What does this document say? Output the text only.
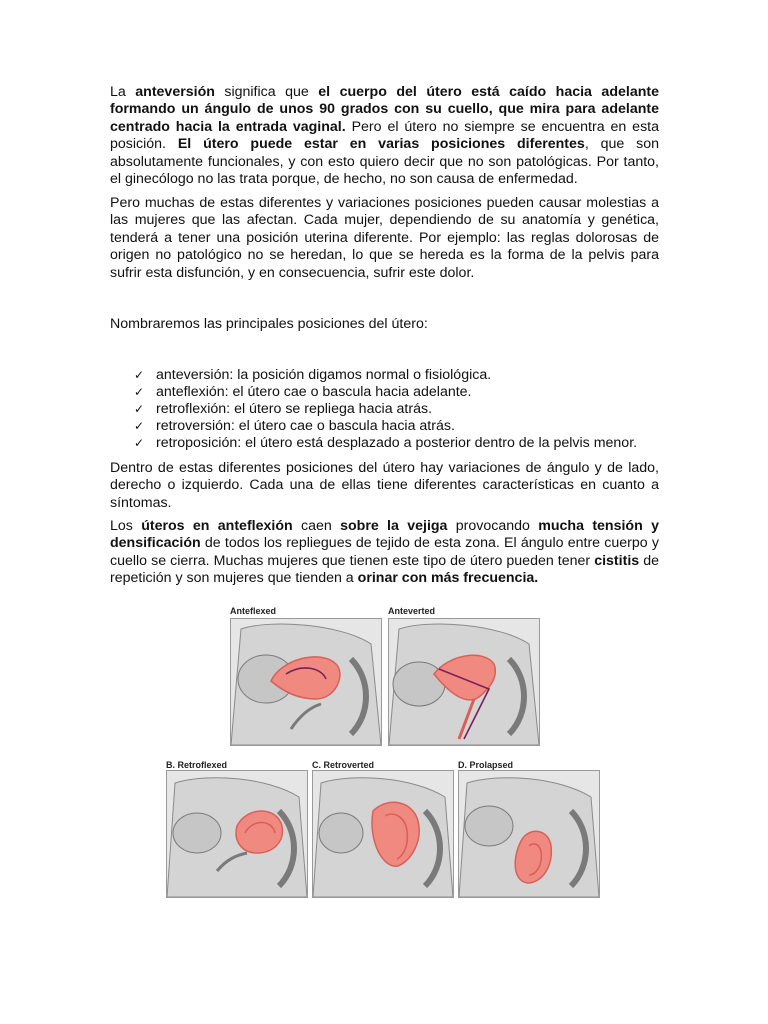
La anteversión significa que el cuerpo del útero está caído hacia adelante formando un ángulo de unos 90 grados con su cuello, que mira para adelante centrado hacia la entrada vaginal. Pero el útero no siempre se encuentra en esta posición. El útero puede estar en varias posiciones diferentes, que son absolutamente funcionales, y con esto quiero decir que no son patológicas. Por tanto, el ginecólogo no las trata porque, de hecho, no son causa de enfermedad.
Pero muchas de estas diferentes y variaciones posiciones pueden causar molestias a las mujeres que las afectan. Cada mujer, dependiendo de su anatomía y genética, tenderá a tener una posición uterina diferente. Por ejemplo: las reglas dolorosas de origen no patológico no se heredan, lo que se hereda es la forma de la pelvis para sufrir esta disfunción, y en consecuencia, sufrir este dolor.
Nombraremos las principales posiciones del útero:
✓ anteversión: la posición digamos normal o fisiológica.
✓ anteflexión: el útero cae o bascula hacia adelante.
✓ retroflexión: el útero se repliega hacia atrás.
✓ retroversión: el útero cae o bascula hacia atrás.
✓ retroposición: el útero está desplazado a posterior dentro de la pelvis menor.
Dentro de estas diferentes posiciones del útero hay variaciones de ángulo y de lado, derecho o izquierdo. Cada una de ellas tiene diferentes características en cuanto a síntomas.
Los úteros en anteflexión caen sobre la vejiga provocando mucha tensión y densificación de todos los repliegues de tejido de esta zona. El ángulo entre cuerpo y cuello se cierra. Muchas mujeres que tienen este tipo de útero pueden tener cistitis de repetición y son mujeres que tienden a orinar con más frecuencia.
Anteflexed	Anteverted
B. Retroflexed	C. Retroverted	D. Prolapsed
